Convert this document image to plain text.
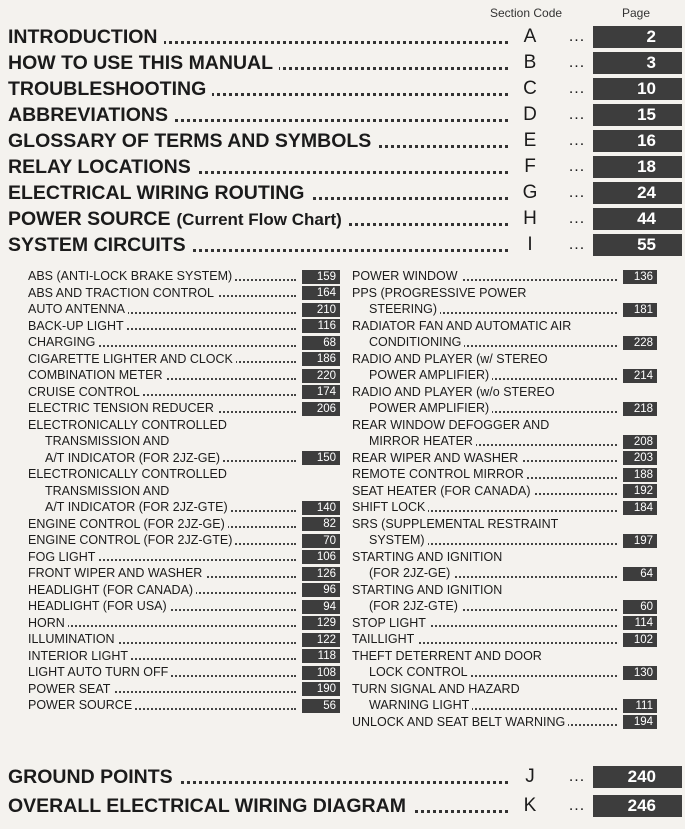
Section Code	Page
INTRODUCTION	A	...	2
HOW TO USE THIS MANUAL	B	...	3
TROUBLESHOOTING	C	...	10
ABBREVIATIONS	D	...	15
GLOSSARY OF TERMS AND SYMBOLS	E	...	16
RELAY LOCATIONS	F	...	18
ELECTRICAL WIRING ROUTING	G	...	24
POWER SOURCE (Current Flow Chart)	H	...	44
SYSTEM CIRCUITS	I	...	55
ABS (ANTI-LOCK BRAKE SYSTEM)	159
ABS AND TRACTION CONTROL	164
AUTO ANTENNA	210
BACK-UP LIGHT	116
CHARGING	68
CIGARETTE LIGHTER AND CLOCK	186
COMBINATION METER	220
CRUISE CONTROL	174
ELECTRIC TENSION REDUCER	206
ELECTRONICALLY CONTROLLED
TRANSMISSION AND
A/T INDICATOR (FOR 2JZ-GE)	150
ELECTRONICALLY CONTROLLED
TRANSMISSION AND
A/T INDICATOR (FOR 2JZ-GTE)	140
ENGINE CONTROL (FOR 2JZ-GE)	82
ENGINE CONTROL (FOR 2JZ-GTE)	70
FOG LIGHT	106
FRONT WIPER AND WASHER	126
HEADLIGHT (FOR CANADA)	96
HEADLIGHT (FOR USA)	94
HORN	129
ILLUMINATION	122
INTERIOR LIGHT	118
LIGHT AUTO TURN OFF	108
POWER SEAT	190
POWER SOURCE	56
POWER WINDOW	136
PPS (PROGRESSIVE POWER
STEERING)	181
RADIATOR FAN AND AUTOMATIC AIR
CONDITIONING	228
RADIO AND PLAYER (w/ STEREO
POWER AMPLIFIER)	214
RADIO AND PLAYER (w/o STEREO
POWER AMPLIFIER)	218
REAR WINDOW DEFOGGER AND
MIRROR HEATER	208
REAR WIPER AND WASHER	203
REMOTE CONTROL MIRROR	188
SEAT HEATER (FOR CANADA)	192
SHIFT LOCK	184
SRS (SUPPLEMENTAL RESTRAINT
SYSTEM)	197
STARTING AND IGNITION
(FOR 2JZ-GE)	64
STARTING AND IGNITION
(FOR 2JZ-GTE)	60
STOP LIGHT	114
TAILLIGHT	102
THEFT DETERRENT AND DOOR
LOCK CONTROL	130
TURN SIGNAL AND HAZARD
WARNING LIGHT	111
UNLOCK AND SEAT BELT WARNING	194
GROUND POINTS	J	...	240
OVERALL ELECTRICAL WIRING DIAGRAM	K	...	246
